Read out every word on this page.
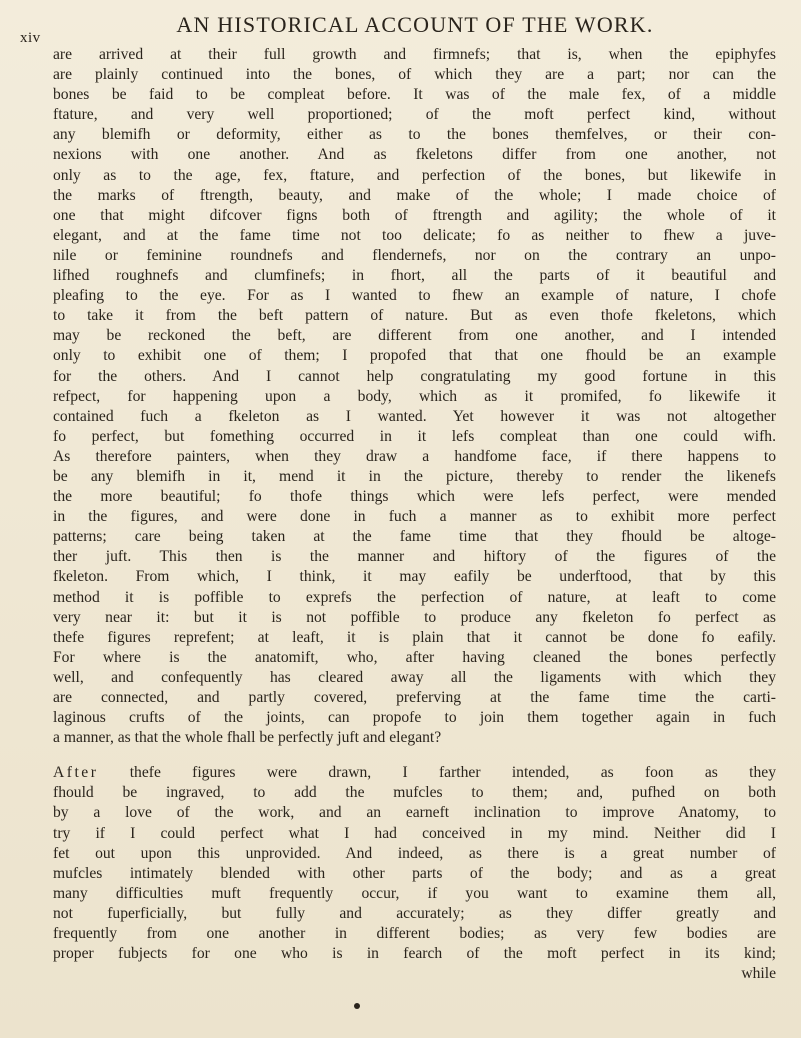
xiv
AN HISTORICAL ACCOUNT OF THE WORK.
are arrived at their full growth and firmnefs; that is, when the epiphyfes
are plainly continued into the bones, of which they are a part; nor can the
bones be faid to be compleat before. It was of the male fex, of a middle
ftature, and very well proportioned; of the moft perfect kind, without
any blemifh or deformity, either as to the bones themfelves, or their con-
nexions with one another. And as fkeletons differ from one another, not
only as to the age, fex, ftature, and perfection of the bones, but likewife in
the marks of ftrength, beauty, and make of the whole; I made choice of
one that might difcover figns both of ftrength and agility; the whole of it
elegant, and at the fame time not too delicate; fo as neither to fhew a juve-
nile or feminine roundnefs and flendernefs, nor on the contrary an unpo-
lifhed roughnefs and clumfinefs; in fhort, all the parts of it beautiful and
pleafing to the eye. For as I wanted to fhew an example of nature, I chofe
to take it from the beft pattern of nature. But as even thofe fkeletons, which
may be reckoned the beft, are different from one another, and I intended
only to exhibit one of them; I propofed that that one fhould be an example
for the others. And I cannot help congratulating my good fortune in this
refpect, for happening upon a body, which as it promifed, fo likewife it
contained fuch a fkeleton as I wanted. Yet however it was not altogether
fo perfect, but fomething occurred in it lefs compleat than one could wifh.
As therefore painters, when they draw a handfome face, if there happens to
be any blemifh in it, mend it in the picture, thereby to render the likenefs
the more beautiful; fo thofe things which were lefs perfect, were mended
in the figures, and were done in fuch a manner as to exhibit more perfect
patterns; care being taken at the fame time that they fhould be altoge-
ther juft. This then is the manner and hiftory of the figures of the
fkeleton. From which, I think, it may eafily be underftood, that by this
method it is poffible to exprefs the perfection of nature, at leaft to come
very near it: but it is not poffible to produce any fkeleton fo perfect as
thefe figures reprefent; at leaft, it is plain that it cannot be done fo eafily.
For where is the anatomift, who, after having cleaned the bones perfectly
well, and confequently has cleared away all the ligaments with which they
are connected, and partly covered, preferving at the fame time the carti-
laginous crufts of the joints, can propofe to join them together again in fuch
a manner, as that the whole fhall be perfectly juft and elegant?
After thefe figures were drawn, I farther intended, as foon as they
fhould be ingraved, to add the mufcles to them; and, pufhed on both
by a love of the work, and an earneft inclination to improve Anatomy, to
try if I could perfect what I had conceived in my mind. Neither did I
fet out upon this unprovided. And indeed, as there is a great number of
mufcles intimately blended with other parts of the body; and as a great
many difficulties muft frequently occur, if you want to examine them all,
not fuperficially, but fully and accurately; as they differ greatly and
frequently from one another in different bodies; as very few bodies are
proper fubjects for one who is in fearch of the moft perfect in its kind;
while
